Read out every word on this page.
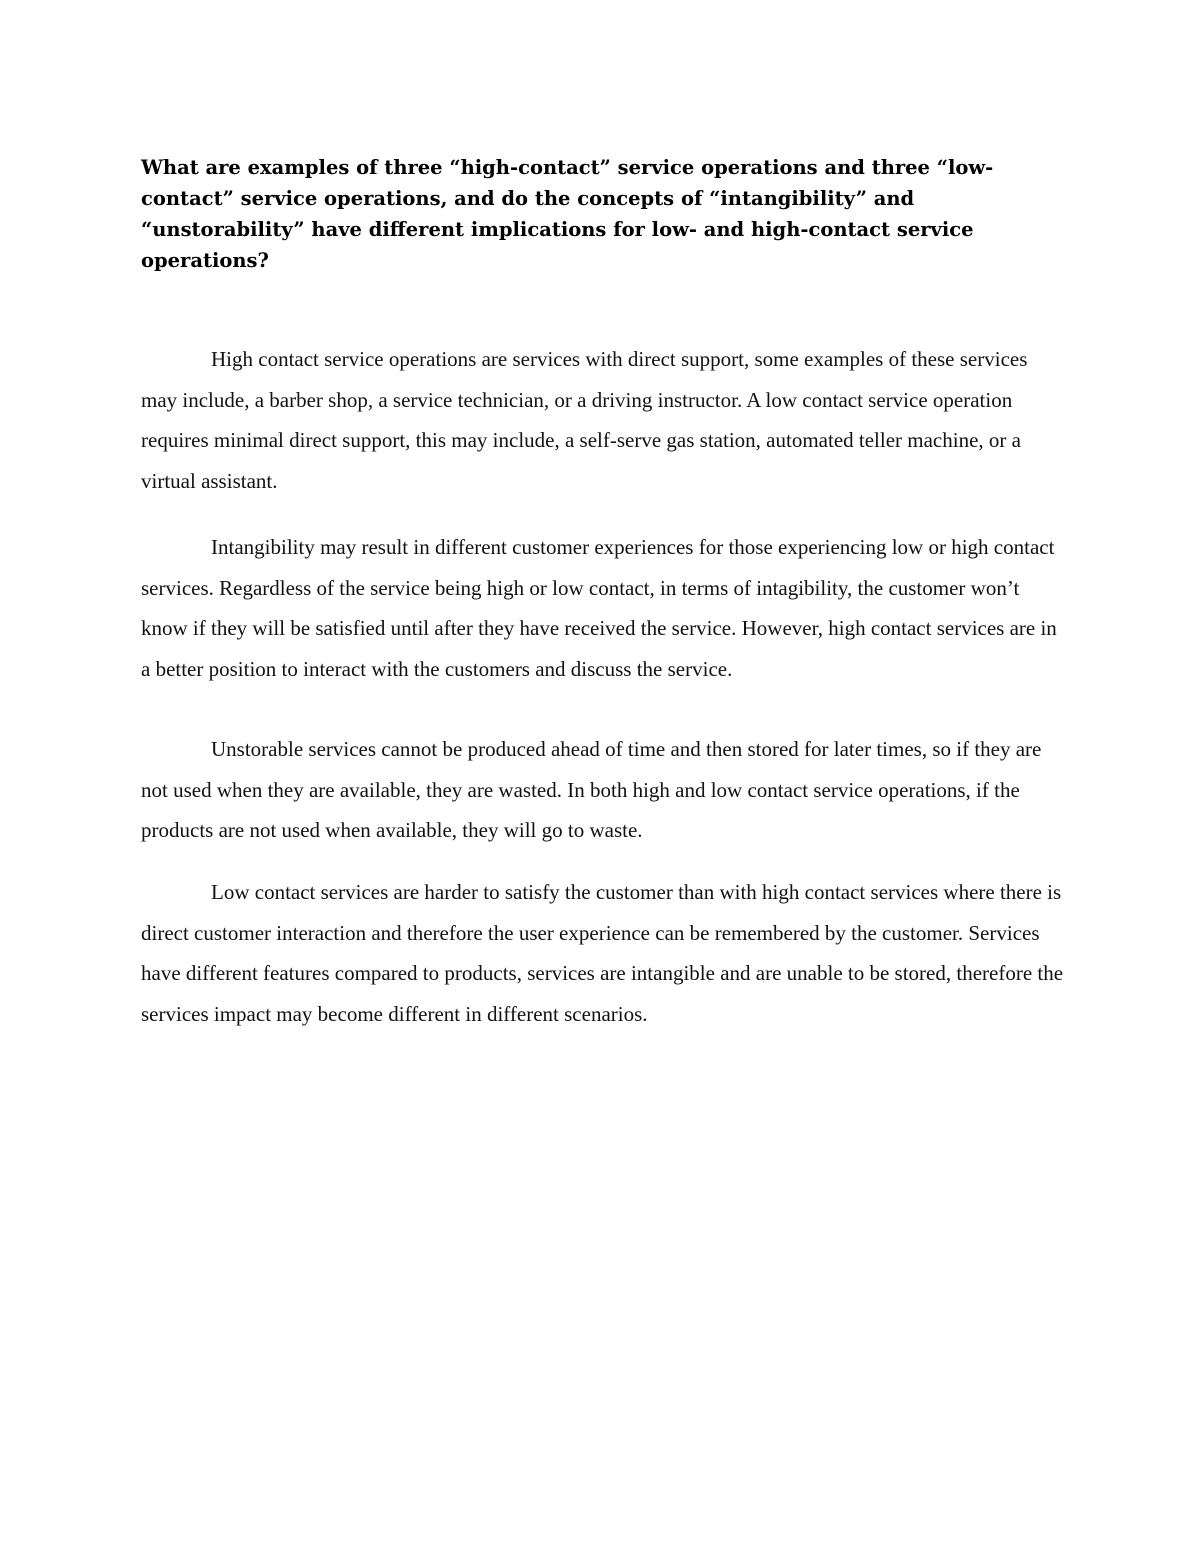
What are examples of three “high-contact” service operations and three “low-contact” service operations, and do the concepts of “intangibility” and “unstorability” have different implications for low- and high-contact service operations?

High contact service operations are services with direct support, some examples of these services may include, a barber shop, a service technician, or a driving instructor. A low contact service operation requires minimal direct support, this may include, a self-serve gas station, automated teller machine, or a virtual assistant.

Intangibility may result in different customer experiences for those experiencing low or high contact services. Regardless of the service being high or low contact, in terms of intagibility, the customer won’t know if they will be satisfied until after they have received the service. However, high contact services are in a better position to interact with the customers and discuss the service.

Unstorable services cannot be produced ahead of time and then stored for later times, so if they are not used when they are available, they are wasted. In both high and low contact service operations, if the products are not used when available, they will go to waste.

Low contact services are harder to satisfy the customer than with high contact services where there is direct customer interaction and therefore the user experience can be remembered by the customer. Services have different features compared to products, services are intangible and are unable to be stored, therefore the services impact may become different in different scenarios.
